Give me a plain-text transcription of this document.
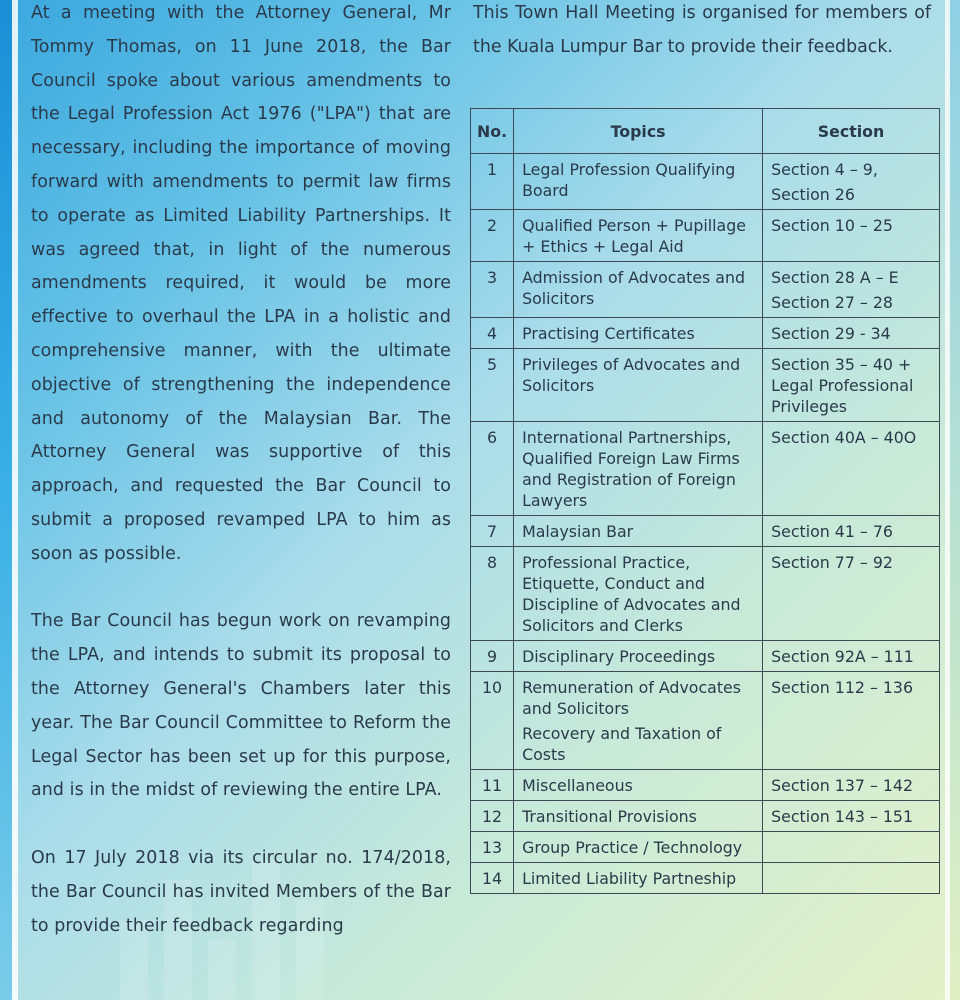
At a meeting with the Attorney General, Mr Tommy Thomas, on 11 June 2018, the Bar Council spoke about various amendments to the Legal Profession Act 1976 ("LPA") that are necessary, including the importance of moving forward with amendments to permit law firms to operate as Limited Liability Partnerships. It was agreed that, in light of the numerous amendments required, it would be more effective to overhaul the LPA in a holistic and comprehensive manner, with the ultimate objective of strengthening the independence and autonomy of the Malaysian Bar. The Attorney General was supportive of this approach, and requested the Bar Council to submit a proposed revamped LPA to him as soon as possible.

The Bar Council has begun work on revamping the LPA, and intends to submit its proposal to the Attorney General's Chambers later this year. The Bar Council Committee to Reform the Legal Sector has been set up for this purpose, and is in the midst of reviewing the entire LPA.

On 17 July 2018 via its circular no. 174/2018, the Bar Council has invited Members of the Bar to provide their feedback regarding

This Town Hall Meeting is organised for members of the Kuala Lumpur Bar to provide their feedback.

No.	Topics	Section
1	Legal Profession Qualifying Board	Section 4 – 9,
Section 26

2	Qualified Person + Pupillage + Ethics + Legal Aid	Section 10 – 25

3	Admission of Advocates and Solicitors	Section 28 A – E
Section 27 – 28

4	Practising Certificates	Section 29 - 34

5	Privileges of Advocates and Solicitors	Section 35 – 40 + Legal Professional Privileges

6	International Partnerships, Qualified Foreign Law Firms and Registration of Foreign Lawyers	Section 40A – 40O

7	Malaysian Bar	Section 41 – 76

8	Professional Practice, Etiquette, Conduct and Discipline of Advocates and Solicitors and Clerks	Section 77 – 92

9	Disciplinary Proceedings	Section 92A – 111

10	Remuneration of Advocates and Solicitors
Recovery and Taxation of Costs	Section 112 – 136

11	Miscellaneous	Section 137 – 142

12	Transitional Provisions	Section 143 – 151

13	Group Practice / Technology	
14	Limited Liability Partneship	
